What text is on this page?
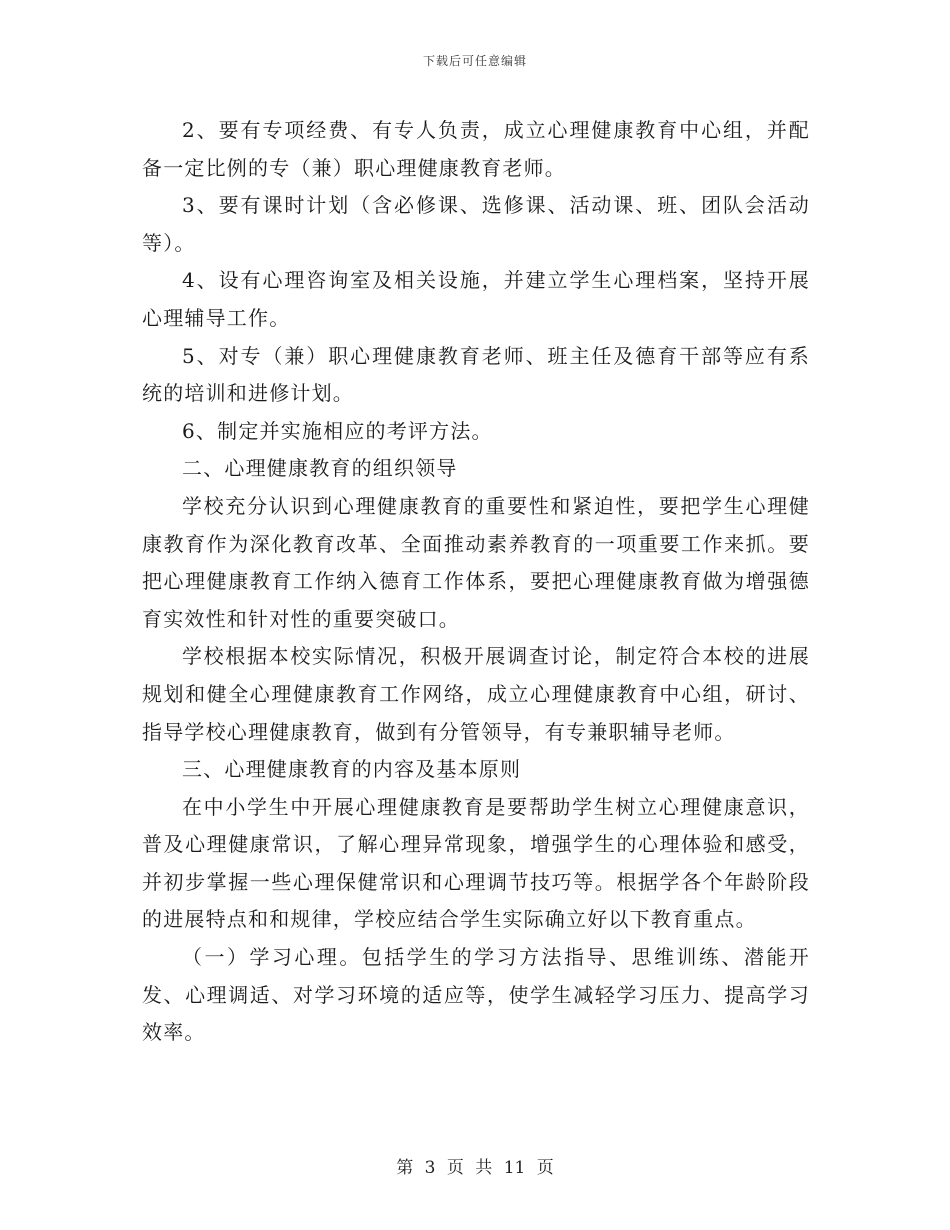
下载后可任意编辑

2、要有专项经费、有专人负责，成立心理健康教育中心组，并配备一定比例的专（兼）职心理健康教育老师。

3、要有课时计划（含必修课、选修课、活动课、班、团队会活动等）。

4、设有心理咨询室及相关设施，并建立学生心理档案，坚持开展心理辅导工作。

5、对专（兼）职心理健康教育老师、班主任及德育干部等应有系统的培训和进修计划。

6、制定并实施相应的考评方法。

二、心理健康教育的组织领导

学校充分认识到心理健康教育的重要性和紧迫性，要把学生心理健康教育作为深化教育改革、全面推动素养教育的一项重要工作来抓。要把心理健康教育工作纳入德育工作体系，要把心理健康教育做为增强德育实效性和针对性的重要突破口。

学校根据本校实际情况，积极开展调查讨论，制定符合本校的进展规划和健全心理健康教育工作网络，成立心理健康教育中心组，研讨、指导学校心理健康教育，做到有分管领导，有专兼职辅导老师。

三、心理健康教育的内容及基本原则

在中小学生中开展心理健康教育是要帮助学生树立心理健康意识，普及心理健康常识，了解心理异常现象，增强学生的心理体验和感受，并初步掌握一些心理保健常识和心理调节技巧等。根据学各个年龄阶段的进展特点和和规律，学校应结合学生实际确立好以下教育重点。

（一）学习心理。包括学生的学习方法指导、思维训练、潜能开发、心理调适、对学习环境的适应等，使学生减轻学习压力、提高学习效率。

第 3 页 共 11 页
